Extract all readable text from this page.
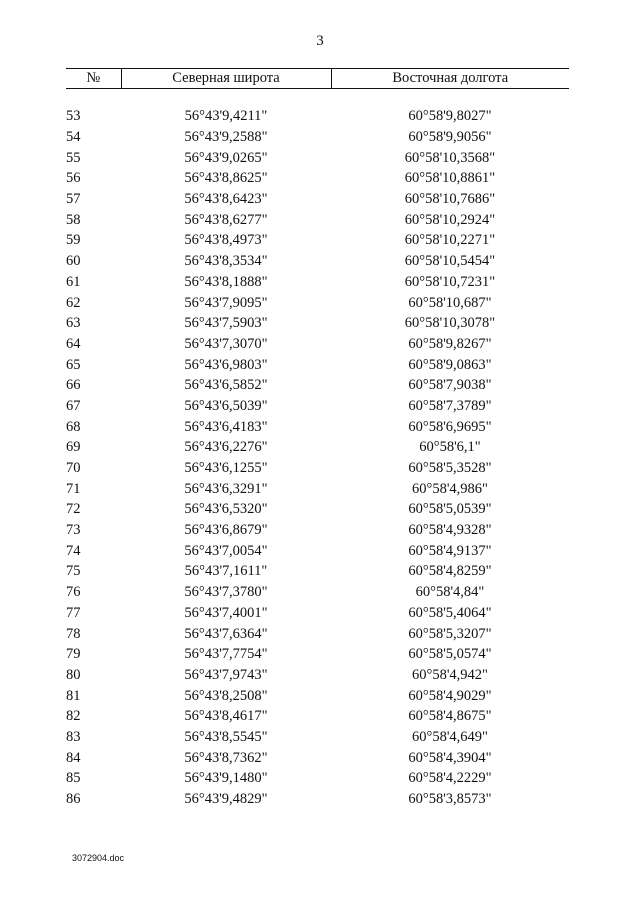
3
№	Северная широта	Восточная долгота

53	56°43'9,4211"	60°58'9,8027"
54	56°43'9,2588"	60°58'9,9056"
55	56°43'9,0265"	60°58'10,3568"
56	56°43'8,8625"	60°58'10,8861"
57	56°43'8,6423"	60°58'10,7686"
58	56°43'8,6277"	60°58'10,2924"
59	56°43'8,4973"	60°58'10,2271"
60	56°43'8,3534"	60°58'10,5454"
61	56°43'8,1888"	60°58'10,7231"
62	56°43'7,9095"	60°58'10,687"
63	56°43'7,5903"	60°58'10,3078"
64	56°43'7,3070"	60°58'9,8267"
65	56°43'6,9803"	60°58'9,0863"
66	56°43'6,5852"	60°58'7,9038"
67	56°43'6,5039"	60°58'7,3789"
68	56°43'6,4183"	60°58'6,9695"
69	56°43'6,2276"	60°58'6,1"
70	56°43'6,1255"	60°58'5,3528"
71	56°43'6,3291"	60°58'4,986"
72	56°43'6,5320"	60°58'5,0539"
73	56°43'6,8679"	60°58'4,9328"
74	56°43'7,0054"	60°58'4,9137"
75	56°43'7,1611"	60°58'4,8259"
76	56°43'7,3780"	60°58'4,84"
77	56°43'7,4001"	60°58'5,4064"
78	56°43'7,6364"	60°58'5,3207"
79	56°43'7,7754"	60°58'5,0574"
80	56°43'7,9743"	60°58'4,942"
81	56°43'8,2508"	60°58'4,9029"
82	56°43'8,4617"	60°58'4,8675"
83	56°43'8,5545"	60°58'4,649"
84	56°43'8,7362"	60°58'4,3904"
85	56°43'9,1480"	60°58'4,2229"
86	56°43'9,4829"	60°58'3,8573"
3072904.doc
